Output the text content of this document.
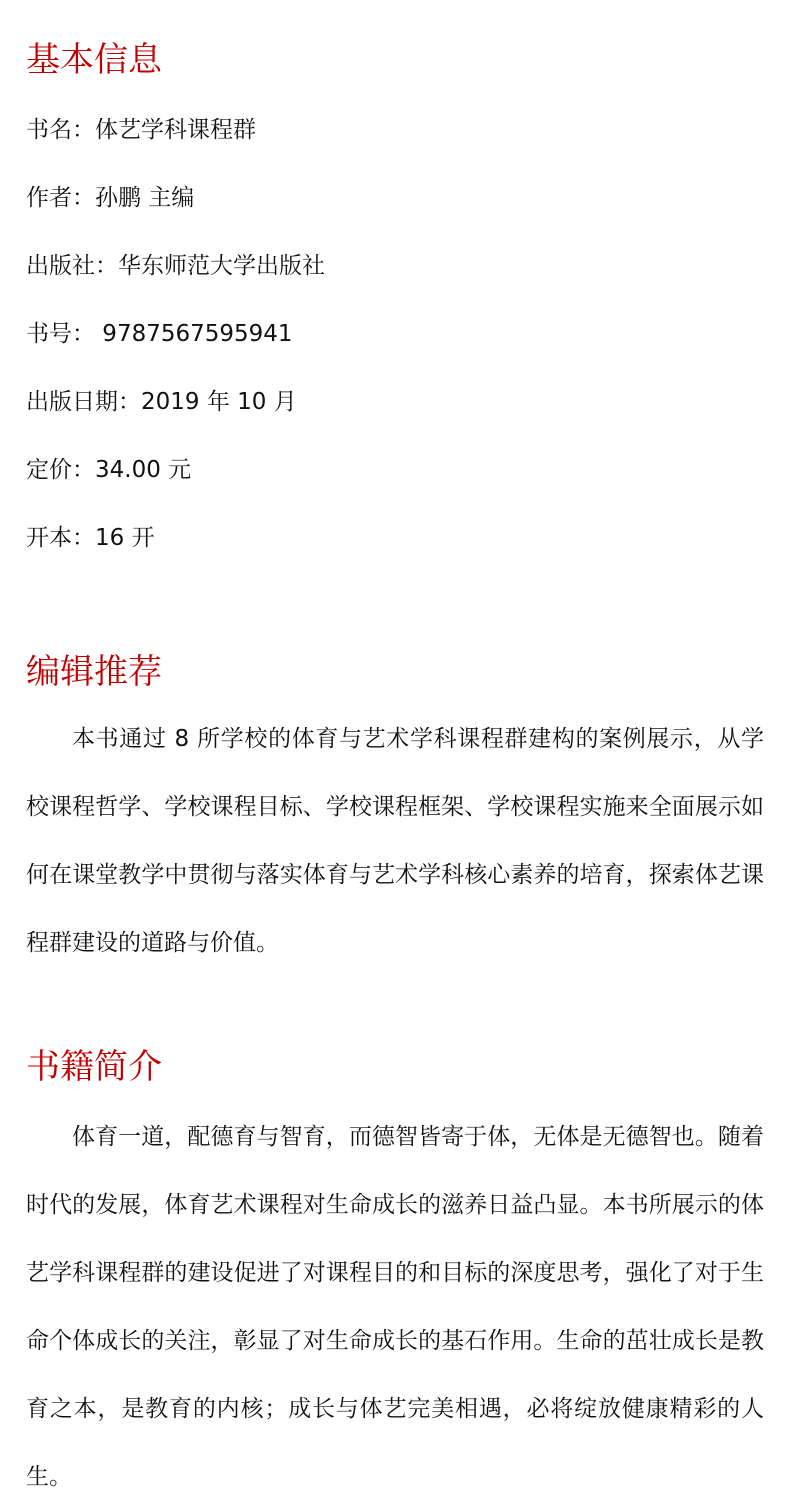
基本信息
书名：体艺学科课程群
作者：孙鹏 主编
出版社：华东师范大学出版社
书号： 9787567595941
出版日期：2019 年 10 月
定价：34.00 元
开本：16 开
编辑推荐

本书通过 8 所学校的体育与艺术学科课程群建构的案例展示，从学校课程哲学、学校课程目标、学校课程框架、学校课程实施来全面展示如何在课堂教学中贯彻与落实体育与艺术学科核心素养的培育，探索体艺课程群建设的道路与价值。

书籍简介

体育一道，配德育与智育，而德智皆寄于体，无体是无德智也。随着时代的发展，体育艺术课程对生命成长的滋养日益凸显。本书所展示的体艺学科课程群的建设促进了对课程目的和目标的深度思考，强化了对于生命个体成长的关注，彰显了对生命成长的基石作用。生命的茁壮成长是教育之本，是教育的内核；成长与体艺完美相遇，必将绽放健康精彩的人生。
